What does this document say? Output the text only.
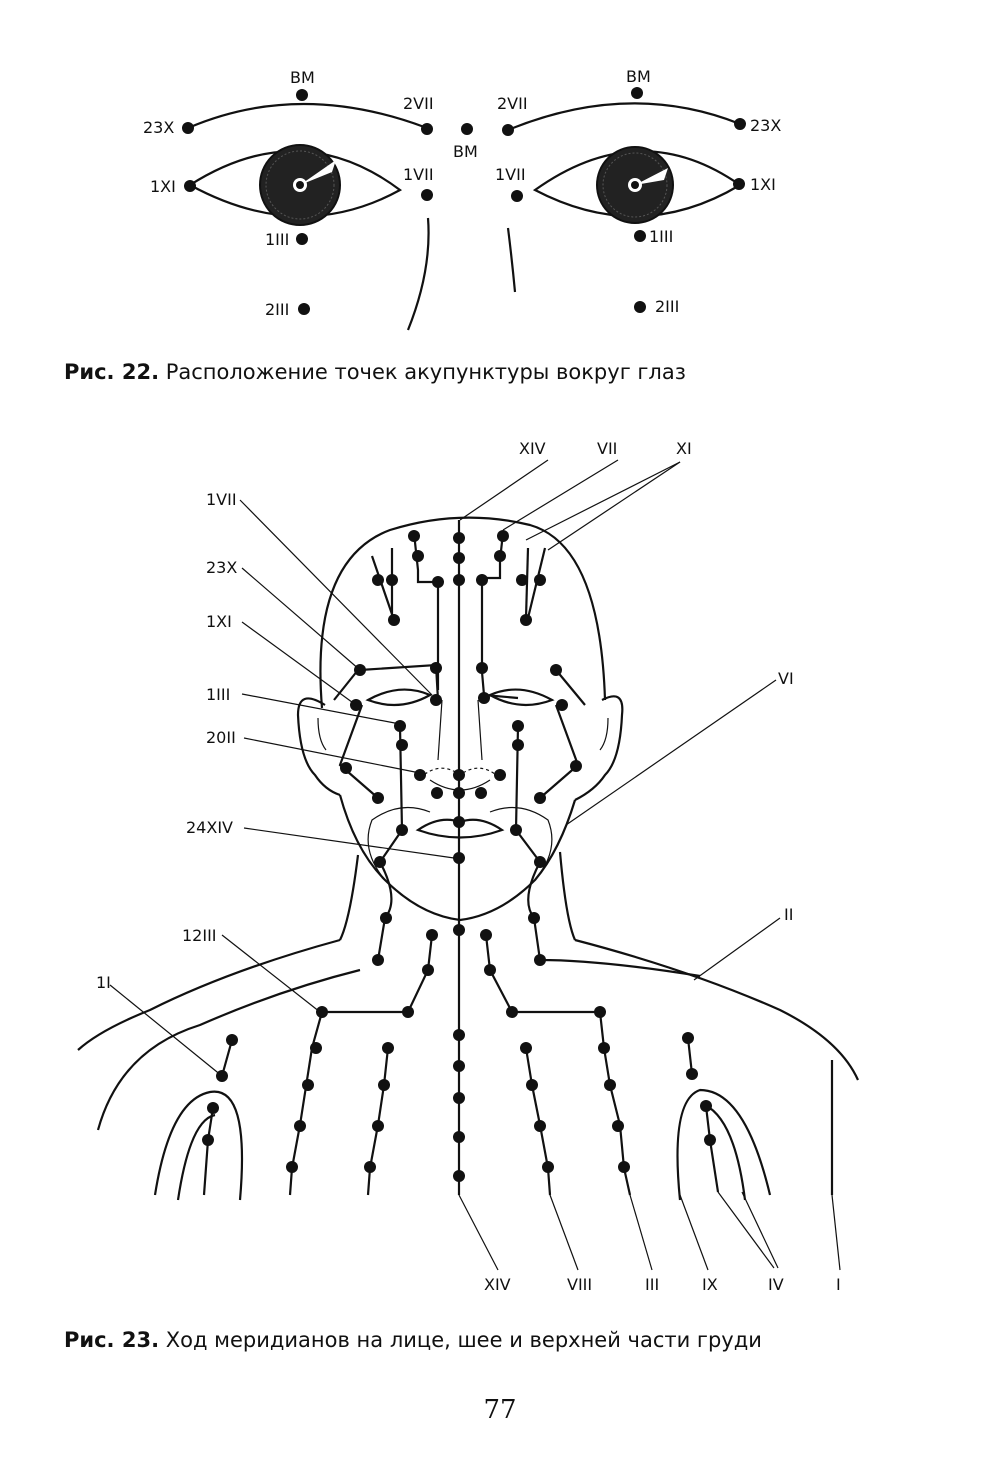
ВМ
ВМ
ВМ
23Х	23Х
2VII	2VII
1VII	1VII
1ХI	1ХI
1III	1III
2III	2III
Рис. 22. Расположение точек акупунктуры вокруг глаз
XIV	VII	XI
1VII
23Х
1ХI
1III
20II
24XIV
12III
1I
VI
II
XIV	VIII	III	IX	IV	I
Рис. 23. Ход меридианов на лице, шее и верхней части груди
77
